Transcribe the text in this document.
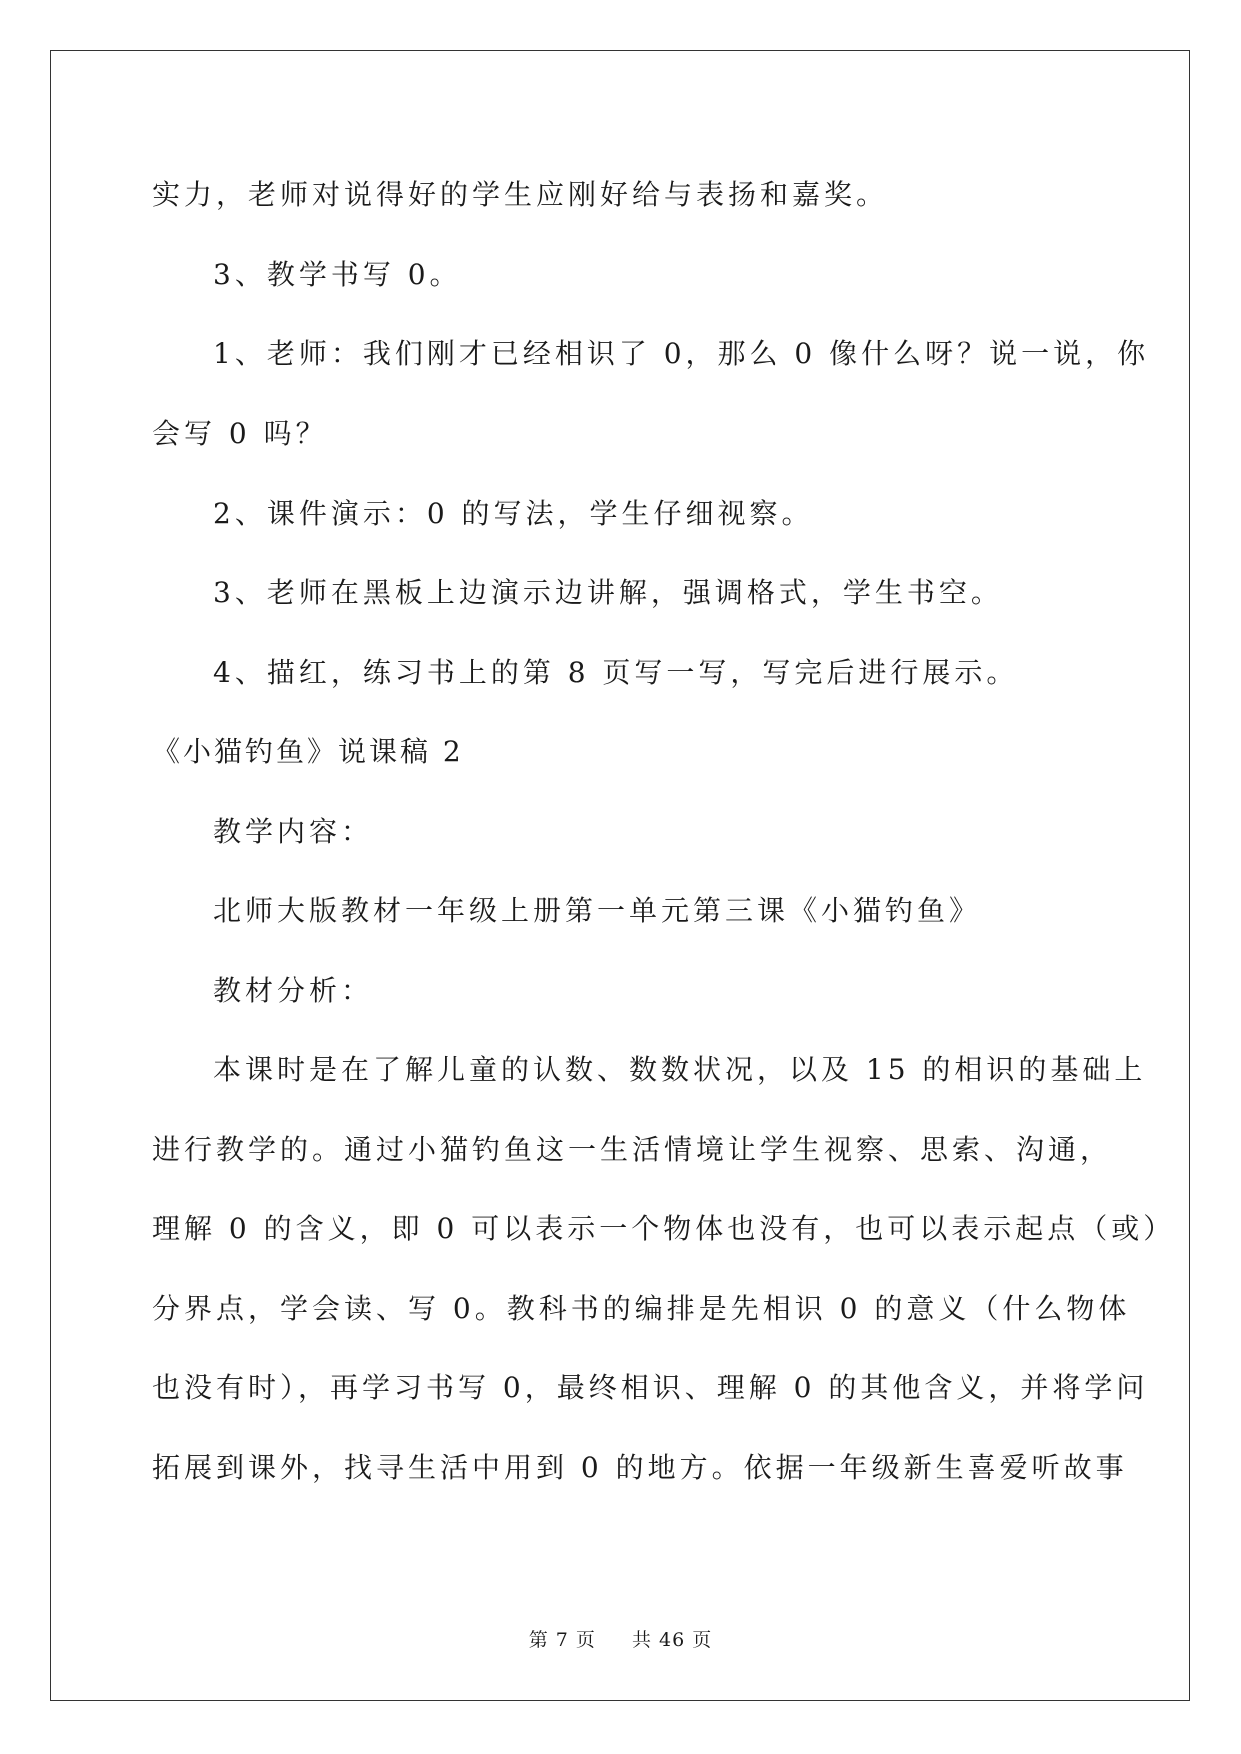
实力，老师对说得好的学生应刚好给与表扬和嘉奖。
3、教学书写 0。
1、老师：我们刚才已经相识了 0，那么 0 像什么呀？说一说，你
会写 0 吗？
2、课件演示：0 的写法，学生仔细视察。
3、老师在黑板上边演示边讲解，强调格式，学生书空。
4、描红，练习书上的第 8 页写一写，写完后进行展示。
《小猫钓鱼》说课稿 2
教学内容：
北师大版教材一年级上册第一单元第三课《小猫钓鱼》
教材分析：
本课时是在了解儿童的认数、数数状况，以及 15 的相识的基础上
进行教学的。通过小猫钓鱼这一生活情境让学生视察、思索、沟通，
理解 0 的含义，即 0 可以表示一个物体也没有，也可以表示起点（或）
分界点，学会读、写 0。教科书的编排是先相识 0 的意义（什么物体
也没有时），再学习书写 0，最终相识、理解 0 的其他含义，并将学问
拓展到课外，找寻生活中用到 0 的地方。依据一年级新生喜爱听故事
第 7 页 共 46 页
